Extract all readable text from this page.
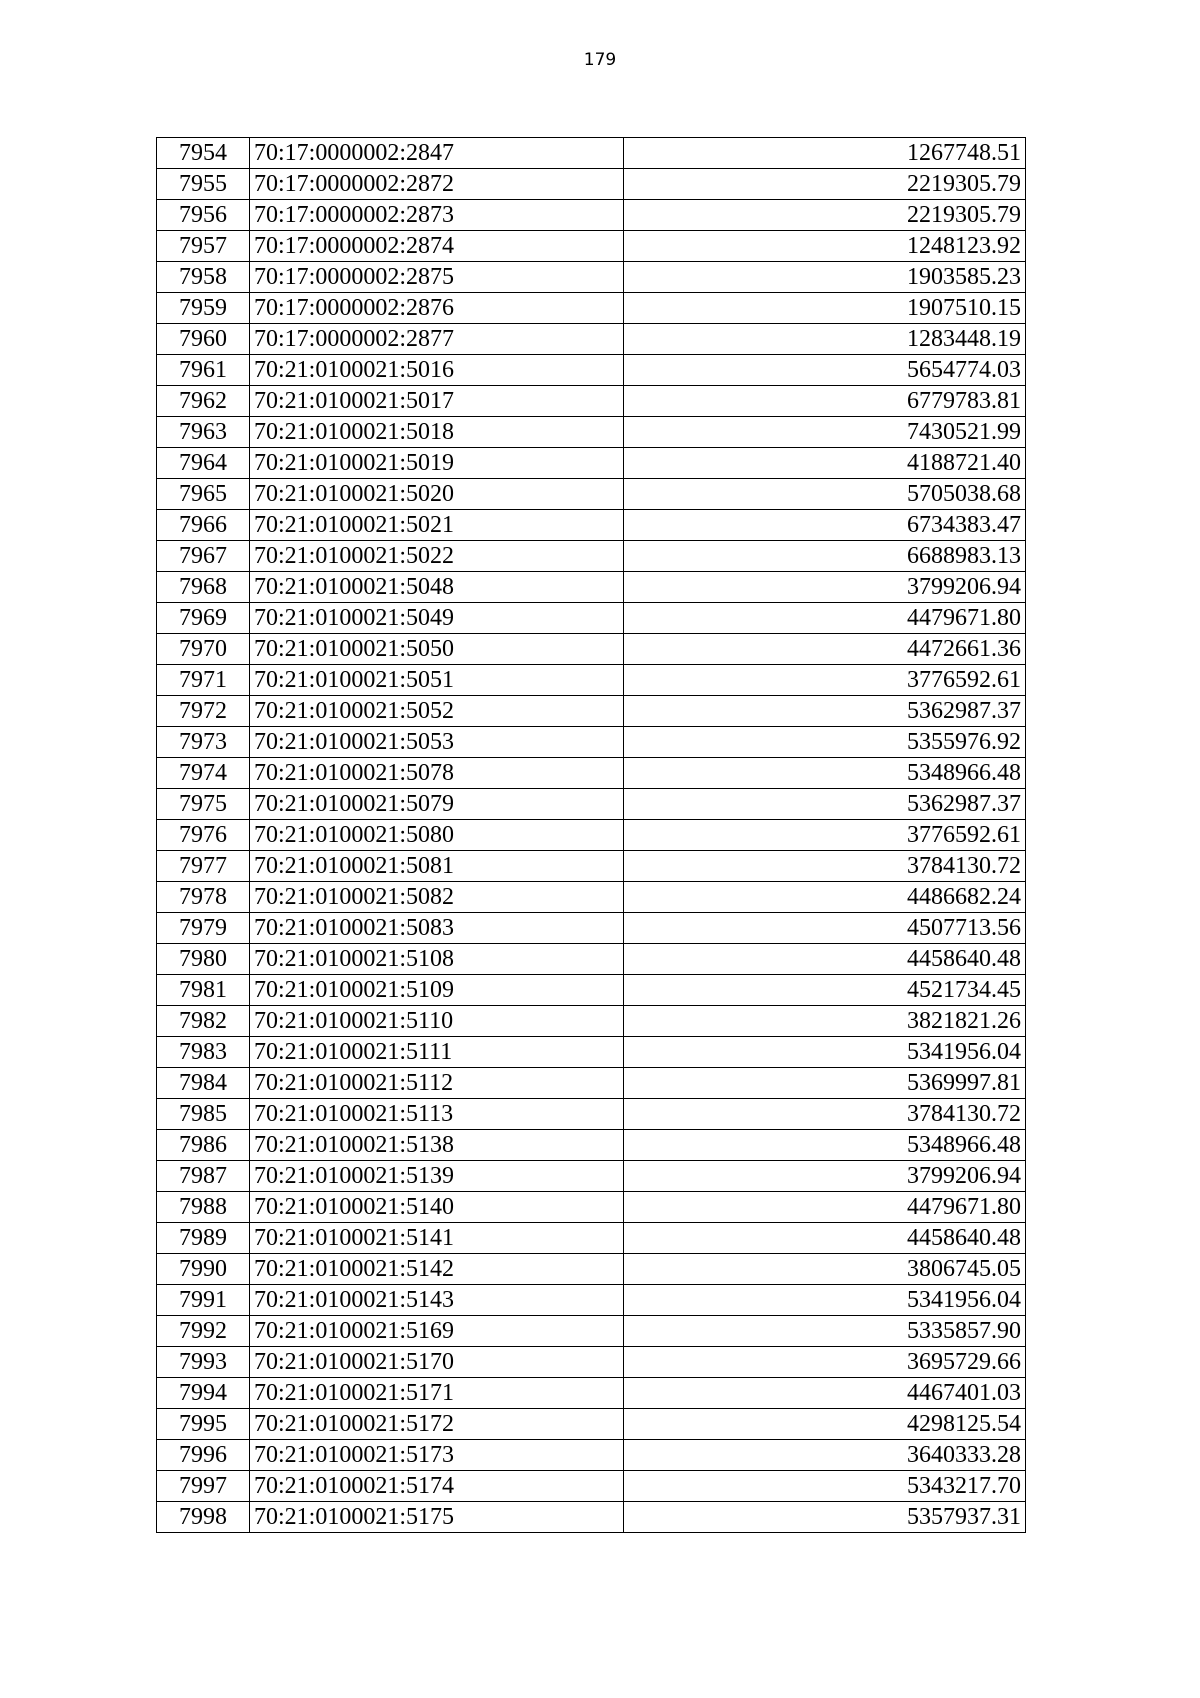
179
7954	70:17:0000002:2847	1267748.51
7955	70:17:0000002:2872	2219305.79
7956	70:17:0000002:2873	2219305.79
7957	70:17:0000002:2874	1248123.92
7958	70:17:0000002:2875	1903585.23
7959	70:17:0000002:2876	1907510.15
7960	70:17:0000002:2877	1283448.19
7961	70:21:0100021:5016	5654774.03
7962	70:21:0100021:5017	6779783.81
7963	70:21:0100021:5018	7430521.99
7964	70:21:0100021:5019	4188721.40
7965	70:21:0100021:5020	5705038.68
7966	70:21:0100021:5021	6734383.47
7967	70:21:0100021:5022	6688983.13
7968	70:21:0100021:5048	3799206.94
7969	70:21:0100021:5049	4479671.80
7970	70:21:0100021:5050	4472661.36
7971	70:21:0100021:5051	3776592.61
7972	70:21:0100021:5052	5362987.37
7973	70:21:0100021:5053	5355976.92
7974	70:21:0100021:5078	5348966.48
7975	70:21:0100021:5079	5362987.37
7976	70:21:0100021:5080	3776592.61
7977	70:21:0100021:5081	3784130.72
7978	70:21:0100021:5082	4486682.24
7979	70:21:0100021:5083	4507713.56
7980	70:21:0100021:5108	4458640.48
7981	70:21:0100021:5109	4521734.45
7982	70:21:0100021:5110	3821821.26
7983	70:21:0100021:5111	5341956.04
7984	70:21:0100021:5112	5369997.81
7985	70:21:0100021:5113	3784130.72
7986	70:21:0100021:5138	5348966.48
7987	70:21:0100021:5139	3799206.94
7988	70:21:0100021:5140	4479671.80
7989	70:21:0100021:5141	4458640.48
7990	70:21:0100021:5142	3806745.05
7991	70:21:0100021:5143	5341956.04
7992	70:21:0100021:5169	5335857.90
7993	70:21:0100021:5170	3695729.66
7994	70:21:0100021:5171	4467401.03
7995	70:21:0100021:5172	4298125.54
7996	70:21:0100021:5173	3640333.28
7997	70:21:0100021:5174	5343217.70
7998	70:21:0100021:5175	5357937.31
